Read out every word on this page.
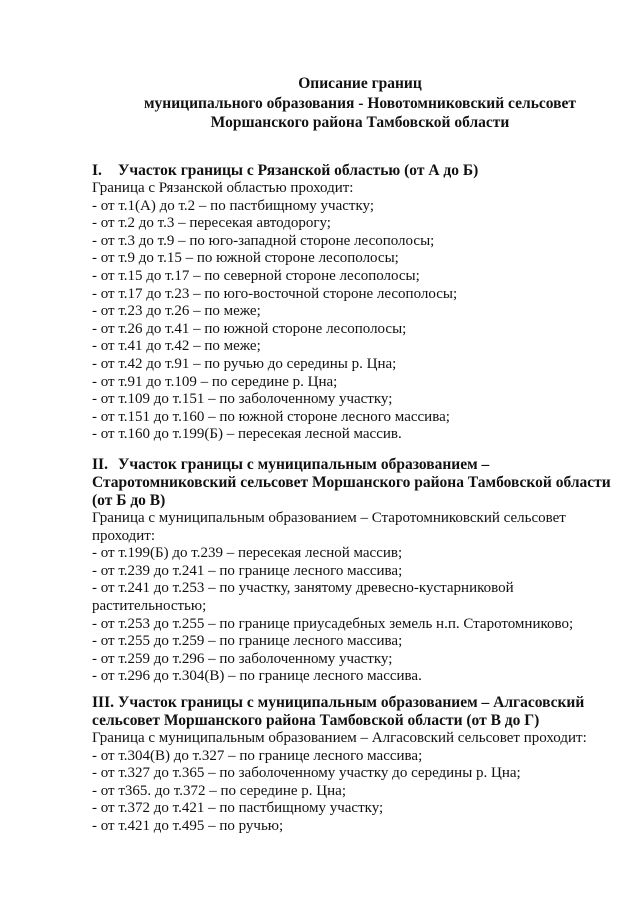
Описание границ
муниципального образования - Новотомниковский сельсовет
Моршанского района Тамбовской области
I. Участок границы с Рязанской областью (от А до Б)
Граница с Рязанской областью проходит:
- от т.1(А) до т.2 – по пастбищному участку;
- от т.2 до т.3 – пересекая автодорогу;
- от т.3 до т.9 – по юго-западной стороне лесополосы;
- от т.9 до т.15 – по южной стороне лесополосы;
- от т.15 до т.17 – по северной стороне лесополосы;
- от т.17 до т.23 – по юго-восточной стороне лесополосы;
- от т.23 до т.26 – по меже;
- от т.26 до т.41 – по южной стороне лесополосы;
- от т.41 до т.42 – по меже;
- от т.42 до т.91 – по ручью до середины р. Цна;
- от т.91 до т.109 – по середине р. Цна;
- от т.109 до т.151 – по заболоченному участку;
- от т.151 до т.160 – по южной стороне лесного массива;
- от т.160 до т.199(Б) – пересекая лесной массив.
II. Участок границы с муниципальным образованием –
Старотомниковский сельсовет Моршанского района Тамбовской области
(от Б до В)
Граница с муниципальным образованием – Старотомниковский сельсовет
проходит:
- от т.199(Б) до т.239 – пересекая лесной массив;
- от т.239 до т.241 – по границе лесного массива;
- от т.241 до т.253 – по участку, занятому древесно-кустарниковой
растительностью;
- от т.253 до т.255 – по границе приусадебных земель н.п. Старотомниково;
- от т.255 до т.259 – по границе лесного массива;
- от т.259 до т.296 – по заболоченному участку;
- от т.296 до т.304(В) – по границе лесного массива.
III. Участок границы с муниципальным образованием – Алгасовский
сельсовет Моршанского района Тамбовской области (от В до Г)
Граница с муниципальным образованием – Алгасовский сельсовет проходит:
- от т.304(В) до т.327 – по границе лесного массива;
- от т.327 до т.365 – по заболоченному участку до середины р. Цна;
- от т365. до т.372 – по середине р. Цна;
- от т.372 до т.421 – по пастбищному участку;
- от т.421 до т.495 – по ручью;
